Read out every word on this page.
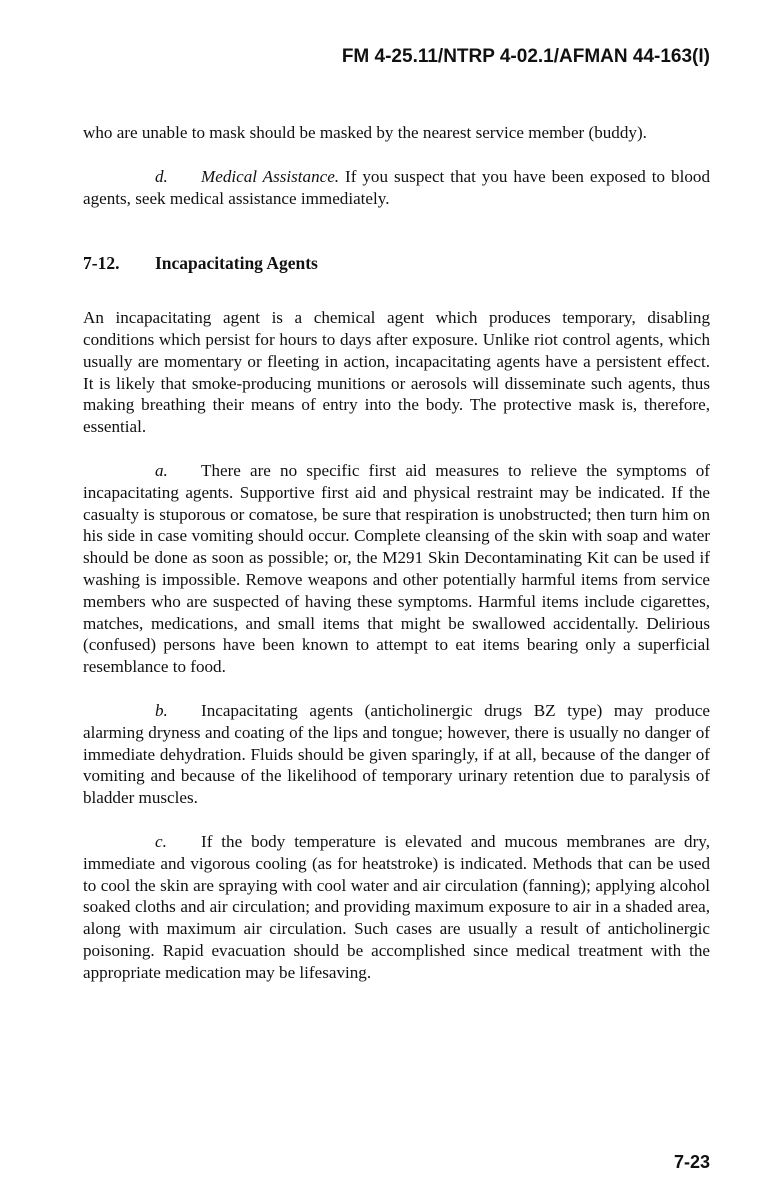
FM 4-25.11/NTRP 4-02.1/AFMAN 44-163(I)

who are unable to mask should be masked by the nearest service member (buddy).

d. Medical Assistance. If you suspect that you have been exposed to blood agents, seek medical assistance immediately.

7-12. Incapacitating Agents

An incapacitating agent is a chemical agent which produces temporary, disabling conditions which persist for hours to days after exposure. Unlike riot control agents, which usually are momentary or fleeting in action, incapacitating agents have a persistent effect. It is likely that smoke-producing munitions or aerosols will disseminate such agents, thus making breathing their means of entry into the body. The protective mask is, therefore, essential.

a. There are no specific first aid measures to relieve the symptoms of incapacitating agents. Supportive first aid and physical restraint may be indicated. If the casualty is stuporous or comatose, be sure that respiration is unobstructed; then turn him on his side in case vomiting should occur. Complete cleansing of the skin with soap and water should be done as soon as possible; or, the M291 Skin Decontaminating Kit can be used if washing is impossible. Remove weapons and other potentially harmful items from service members who are suspected of having these symptoms. Harmful items include cigarettes, matches, medications, and small items that might be swallowed accidentally. Delirious (confused) persons have been known to attempt to eat items bearing only a superficial resemblance to food.

b. Incapacitating agents (anticholinergic drugs BZ type) may produce alarming dryness and coating of the lips and tongue; however, there is usually no danger of immediate dehydration. Fluids should be given sparingly, if at all, because of the danger of vomiting and because of the likelihood of temporary urinary retention due to paralysis of bladder muscles.

c. If the body temperature is elevated and mucous membranes are dry, immediate and vigorous cooling (as for heatstroke) is indicated. Methods that can be used to cool the skin are spraying with cool water and air circulation (fanning); applying alcohol soaked cloths and air circulation; and providing maximum exposure to air in a shaded area, along with maximum air circulation. Such cases are usually a result of anticholinergic poisoning. Rapid evacuation should be accomplished since medical treatment with the appropriate medication may be lifesaving.

7-23
